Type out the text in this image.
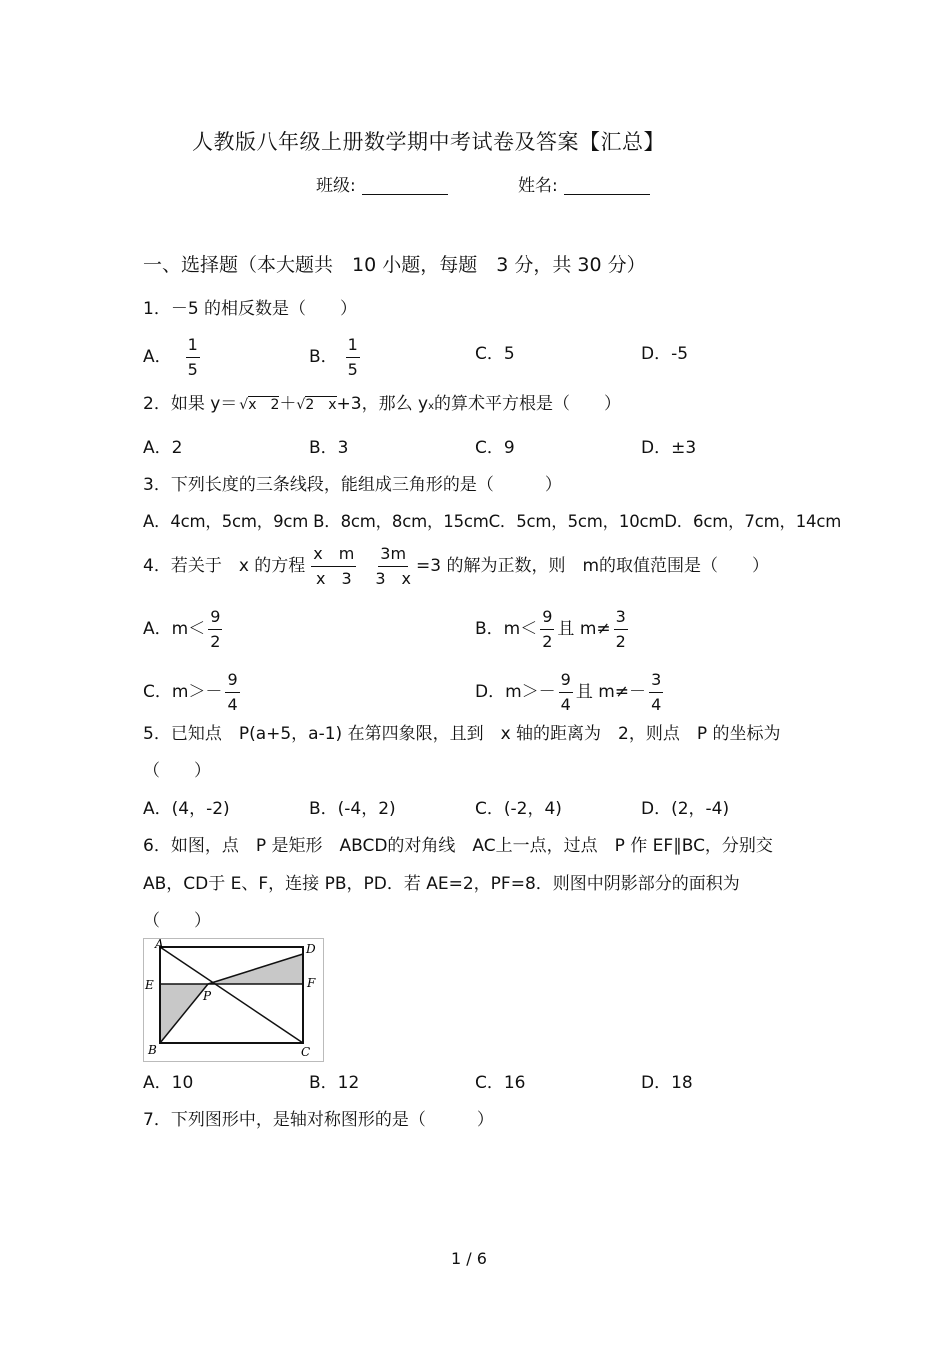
人教版八年级上册数学期中考试卷及答案【汇总】
班级:	姓名:
一、选择题（本大题共　10 小题，每题　3 分，共 30 分）
1．－5 的相反数是（　　）
A． $\frac{1}{5}$	B． $\frac{1}{5}$	C．5	D．-5
2．如果 y＝ √x　2 ＋ √2　x +3，那么 y x 的算术平方根是（　　）
A．2	B．3	C．9	D．±3
3．下列长度的三条线段，能组成三角形的是（　　　）
A．4cm，5cm，9cm B．8cm，8cm，15cmC．5cm，5cm，10cmD．6cm，7cm，14cm
4．若关于　x 的方程 $\frac{\text{x　m}}{x 3} \frac{3m}{3 x} =3$ 的解为正数，则　m的取值范围是（　　）
A．$m< \frac{9}{2}$	B．$m< \frac{9}{2}$ 且 $m\ne \frac{3}{2}$
C．$m>- \frac{9}{4}$	D．$m>- \frac{9}{4}$ 且 $m\ne- \frac{3}{4}$
5．已知点　P(a+5，a-1) 在第四象限，且到　x 轴的距离为　2，则点　P 的坐标为
（　　）
A．(4，-2)	B．(-4，2)	C．(-2，4)	D．(2，-4)
6．如图，点　P 是矩形　ABCD的对角线　AC上一点，过点　P 作 EF∥BC，分别交
AB，CD于 E、F，连接 PB，PD．若 AE=2，PF=8．则图中阴影部分的面积为
（　　）
A	D
E	F
P
B	C
A．10	B．12	C．16	D．18
7．下列图形中，是轴对称图形的是（　　　）
1 / 6
